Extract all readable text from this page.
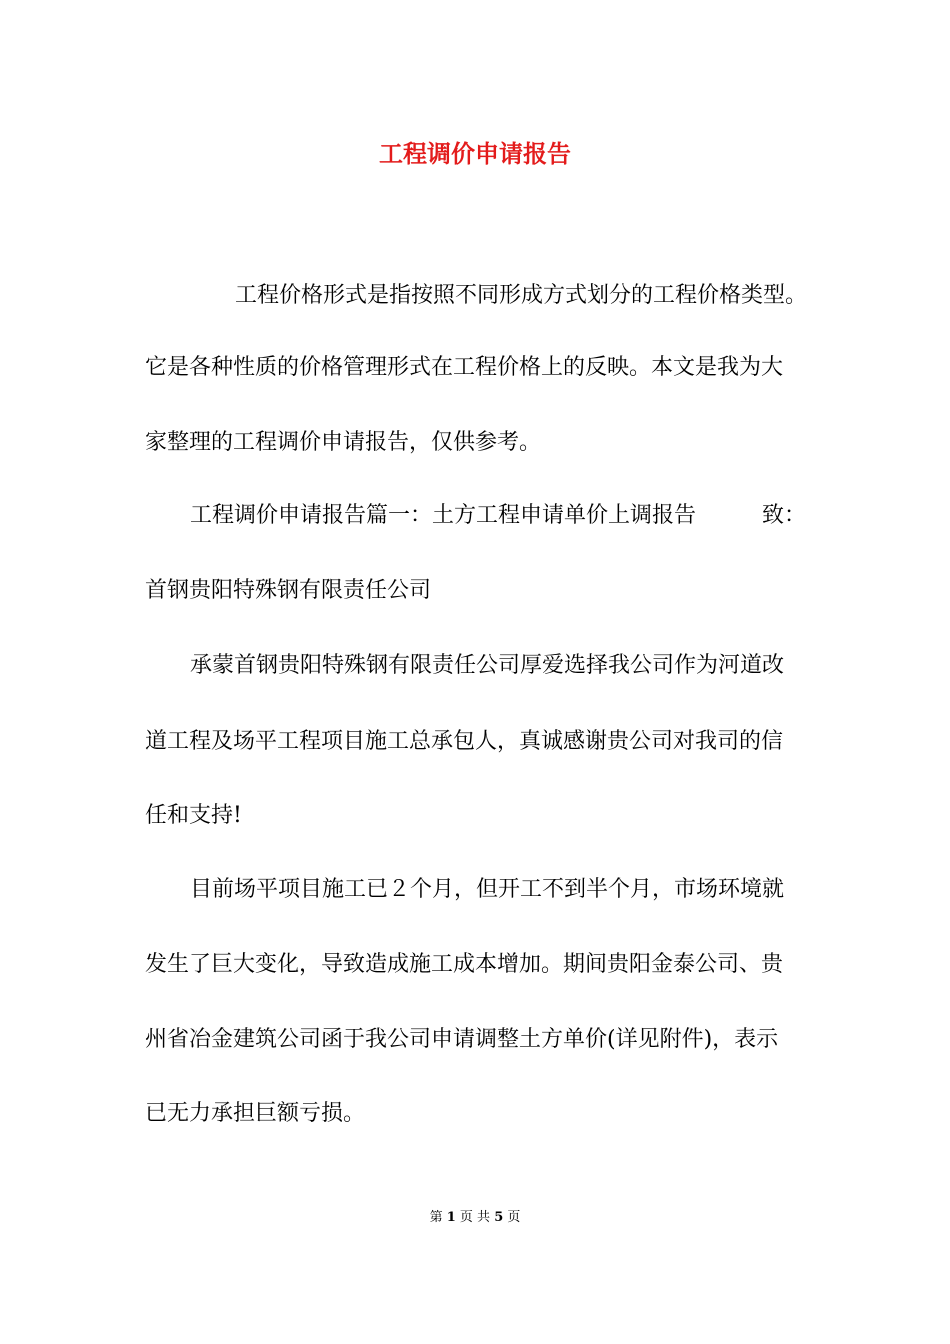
工程调价申请报告
工程价格形式是指按照不同形成方式划分的工程价格类型。
它是各种性质的价格管理形式在工程价格上的反映。本文是我为大
家整理的工程调价申请报告，仅供参考。
工程调价申请报告篇一：土方工程申请单价上调报告　　　致：
首钢贵阳特殊钢有限责任公司
承蒙首钢贵阳特殊钢有限责任公司厚爱选择我公司作为河道改
道工程及场平工程项目施工总承包人，真诚感谢贵公司对我司的信
任和支持!
目前场平项目施工已２个月，但开工不到半个月，市场环境就
发生了巨大变化，导致造成施工成本增加。期间贵阳金泰公司、贵
州省冶金建筑公司函于我公司申请调整土方单价(详见附件)，表示
已无力承担巨额亏损。
第 1 页 共 5 页
